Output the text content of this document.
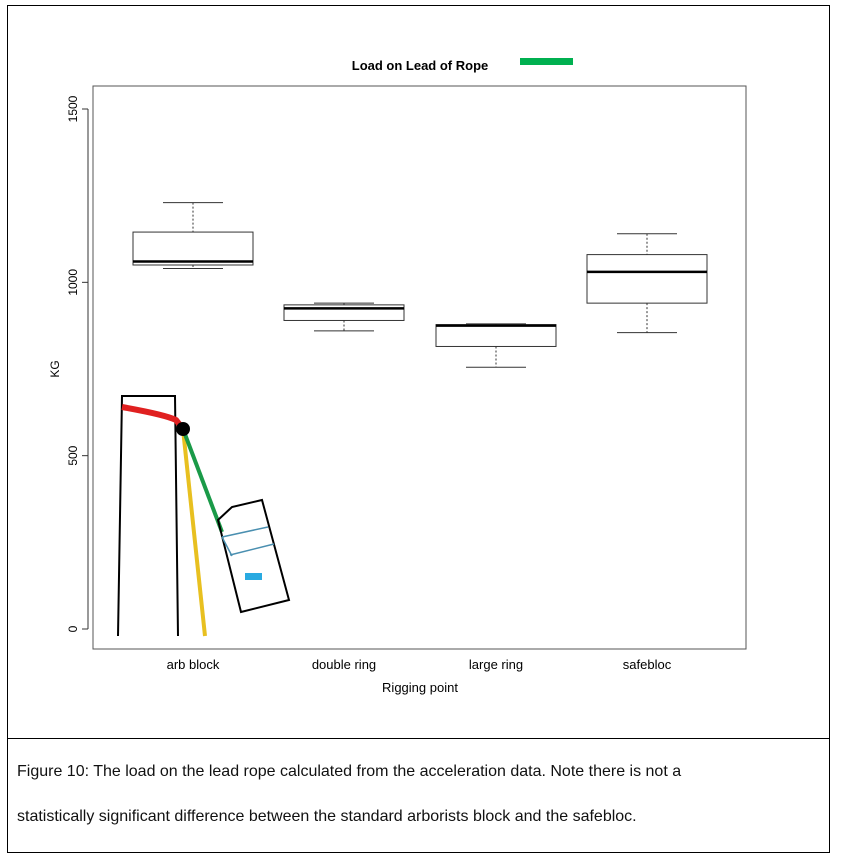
Load on Lead of Rope
0
500
1000
1500
KG
arb block	double ring	large ring	safebloc
Rigging point
Figure 10: The load on the lead rope calculated from the acceleration data. Note there is not a
statistically significant difference between the standard arborists block and the safebloc.
